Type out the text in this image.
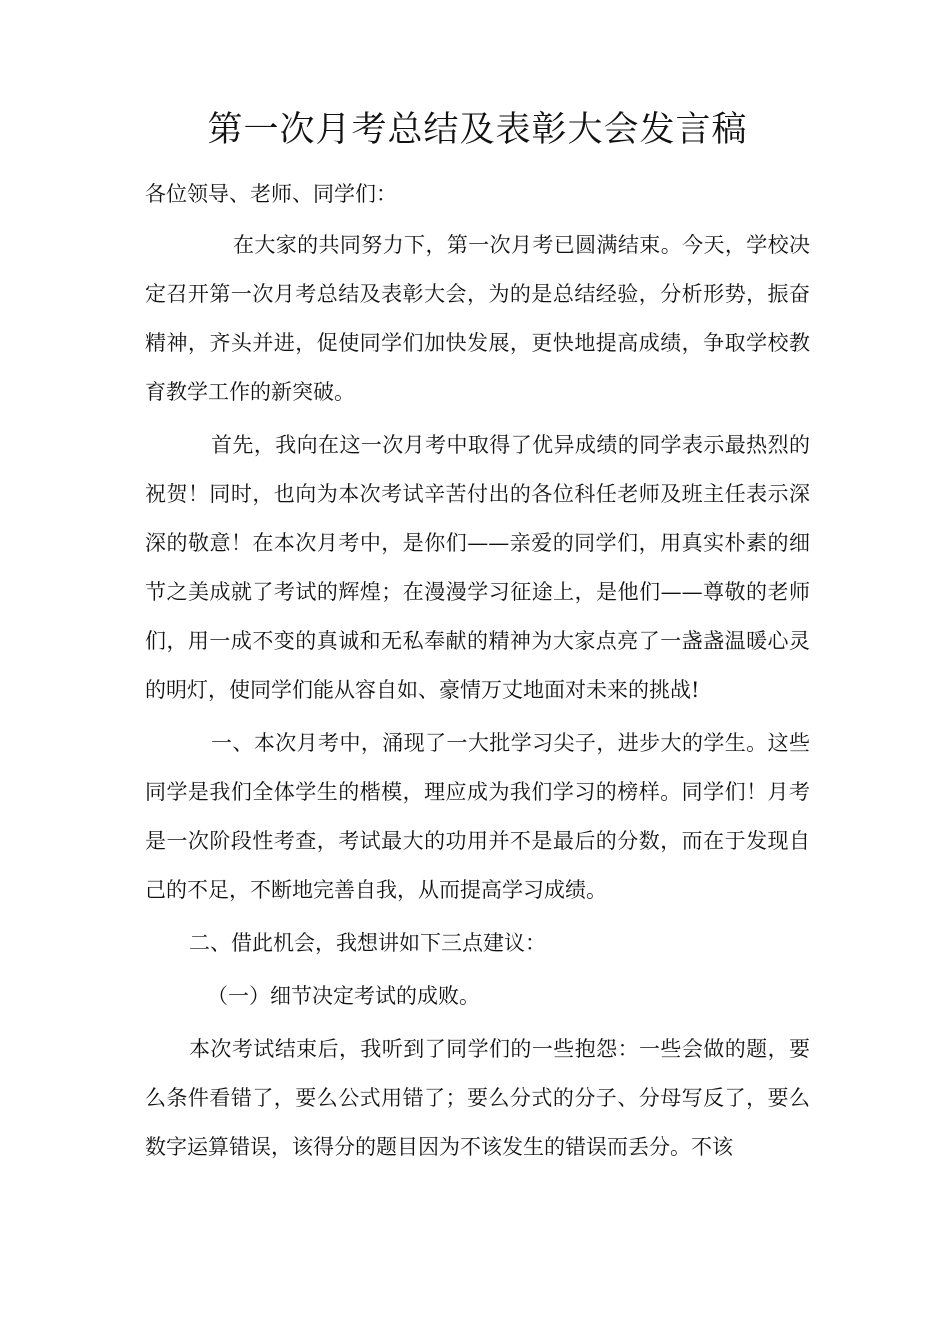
第一次月考总结及表彰大会发言稿

各位领导、老师、同学们：

在大家的共同努力下，第一次月考已圆满结束。今天，学校决定召开第一次月考总结及表彰大会，为的是总结经验，分析形势，振奋精神，齐头并进，促使同学们加快发展，更快地提高成绩，争取学校教育教学工作的新突破。

首先，我向在这一次月考中取得了优异成绩的同学表示最热烈的祝贺！同时，也向为本次考试辛苦付出的各位科任老师及班主任表示深深的敬意！在本次月考中，是你们——亲爱的同学们，用真实朴素的细节之美成就了考试的辉煌；在漫漫学习征途上，是他们——尊敬的老师们，用一成不变的真诚和无私奉献的精神为大家点亮了一盏盏温暖心灵的明灯，使同学们能从容自如、豪情万丈地面对未来的挑战!

一、本次月考中，涌现了一大批学习尖子，进步大的学生。这些同学是我们全体学生的楷模，理应成为我们学习的榜样。同学们！月考是一次阶段性考查，考试最大的功用并不是最后的分数，而在于发现自己的不足，不断地完善自我，从而提高学习成绩。

二、借此机会，我想讲如下三点建议：

（一）细节决定考试的成败。

本次考试结束后，我听到了同学们的一些抱怨：一些会做的题，要么条件看错了，要么公式用错了；要么分式的分子、分母写反了，要么数字运算错误，该得分的题目因为不该发生的错误而丢分。不该
